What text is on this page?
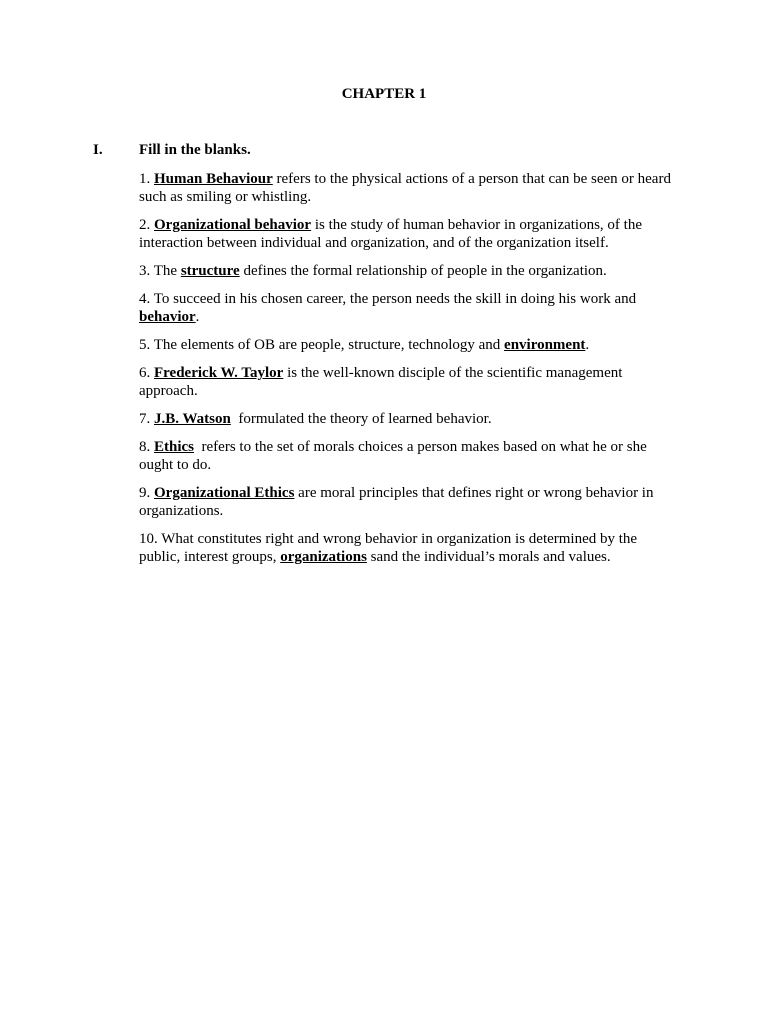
CHAPTER 1

I. Fill in the blanks.

1. Human Behaviour refers to the physical actions of a person that can be seen or heard such as smiling or whistling.
2. Organizational behavior is the study of human behavior in organizations, of the interaction between individual and organization, and of the organization itself.
3. The structure defines the formal relationship of people in the organization.
4. To succeed in his chosen career, the person needs the skill in doing his work and behavior.
5. The elements of OB are people, structure, technology and environment.
6. Frederick W. Taylor is the well-known disciple of the scientific management approach.
7. J.B. Watson  formulated the theory of learned behavior.
8. Ethics  refers to the set of morals choices a person makes based on what he or she ought to do.
9. Organizational Ethics are moral principles that defines right or wrong behavior in organizations.
10. What constitutes right and wrong behavior in organization is determined by the public, interest groups, organizations sand the individual’s morals and values.
